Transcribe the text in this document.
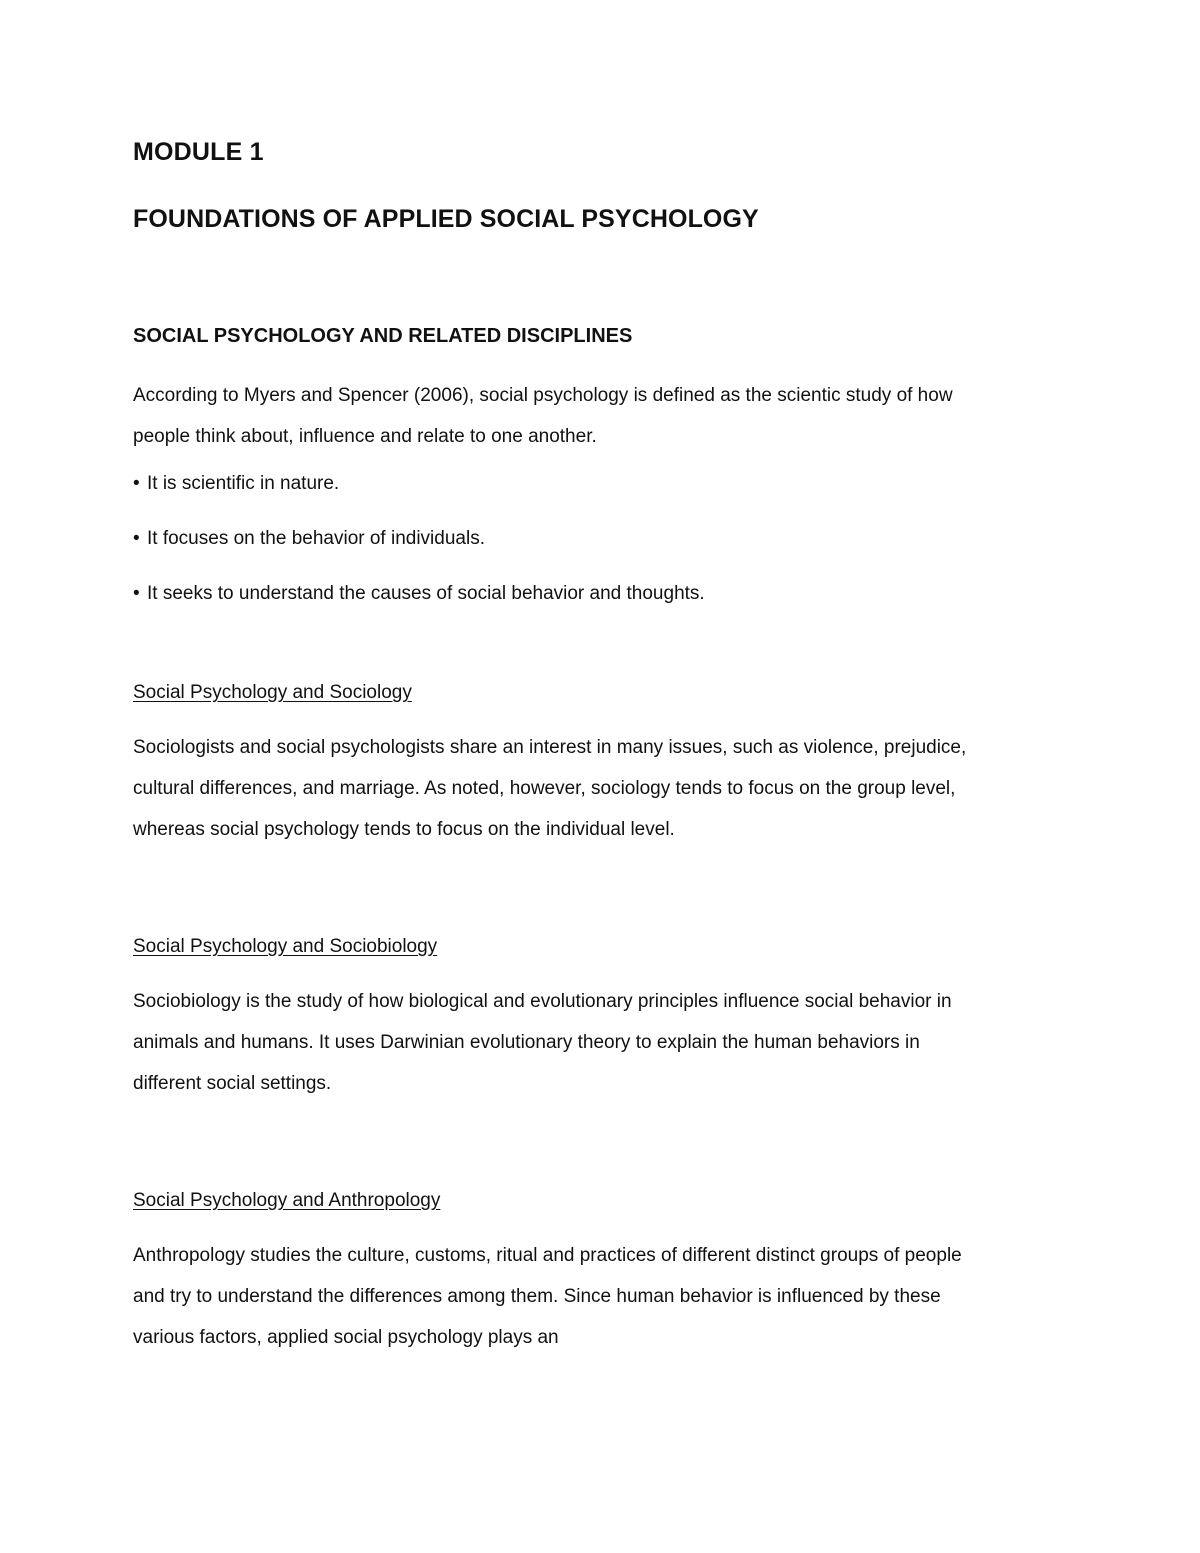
MODULE 1
FOUNDATIONS OF APPLIED SOCIAL PSYCHOLOGY
SOCIAL PSYCHOLOGY AND RELATED DISCIPLINES

According to Myers and Spencer (2006), social psychology is defined as the scientic study of how people think about, influence and relate to one another.

• It is scientific in nature.
• It focuses on the behavior of individuals.
• It seeks to understand the causes of social behavior and thoughts.

Social Psychology and Sociology

Sociologists and social psychologists share an interest in many issues, such as violence, prejudice, cultural differences, and marriage. As noted, however, sociology tends to focus on the group level, whereas social psychology tends to focus on the individual level.

Social Psychology and Sociobiology

Sociobiology is the study of how biological and evolutionary principles influence social behavior in animals and humans. It uses Darwinian evolutionary theory to explain the human behaviors in different social settings.

Social Psychology and Anthropology

Anthropology studies the culture, customs, ritual and practices of different distinct groups of people and try to understand the differences among them. Since human behavior is influenced by these various factors, applied social psychology plays an
